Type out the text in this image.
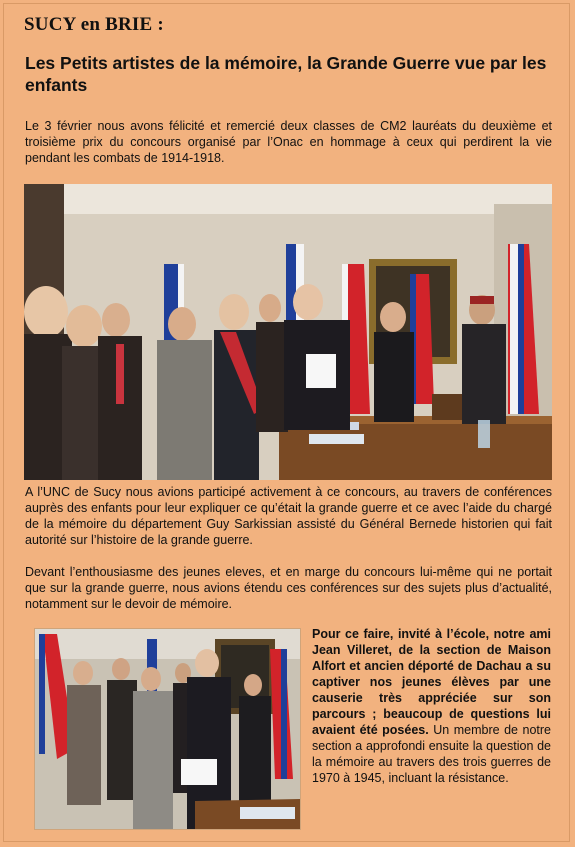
SUCY en BRIE :
Les Petits artistes de la mémoire, la Grande Guerre vue par les enfants
Le 3 février nous avons félicité et remercié deux classes de CM2 lauréats du deuxième et troisième prix du concours organisé par l’Onac en hommage à ceux qui perdirent la vie pendant les combats de 1914-1918.
A l’UNC de Sucy nous avions participé activement à ce concours, au travers de conférences auprès des enfants pour leur expliquer ce qu’était la grande guerre et ce avec l’aide du chargé de la mémoire du département Guy Sarkissian assisté du Général Bernede historien qui fait autorité sur l’histoire de la grande guerre.
Devant l’enthousiasme des jeunes eleves, et en marge du concours lui-même qui ne portait que sur la grande guerre, nous avions étendu ces conférences sur des sujets plus d’actualité, notamment sur le devoir de mémoire.
Pour ce faire, invité à l’école, notre ami Jean Villeret, de la section de Maison Alfort et ancien déporté de Dachau a su captiver nos jeunes élèves par une causerie très appréciée sur son parcours ; beaucoup de questions lui avaient été posées. Un membre de notre section a approfondi ensuite la question de la mémoire au travers des trois guerres de 1970 à 1945, incluant la résistance.
